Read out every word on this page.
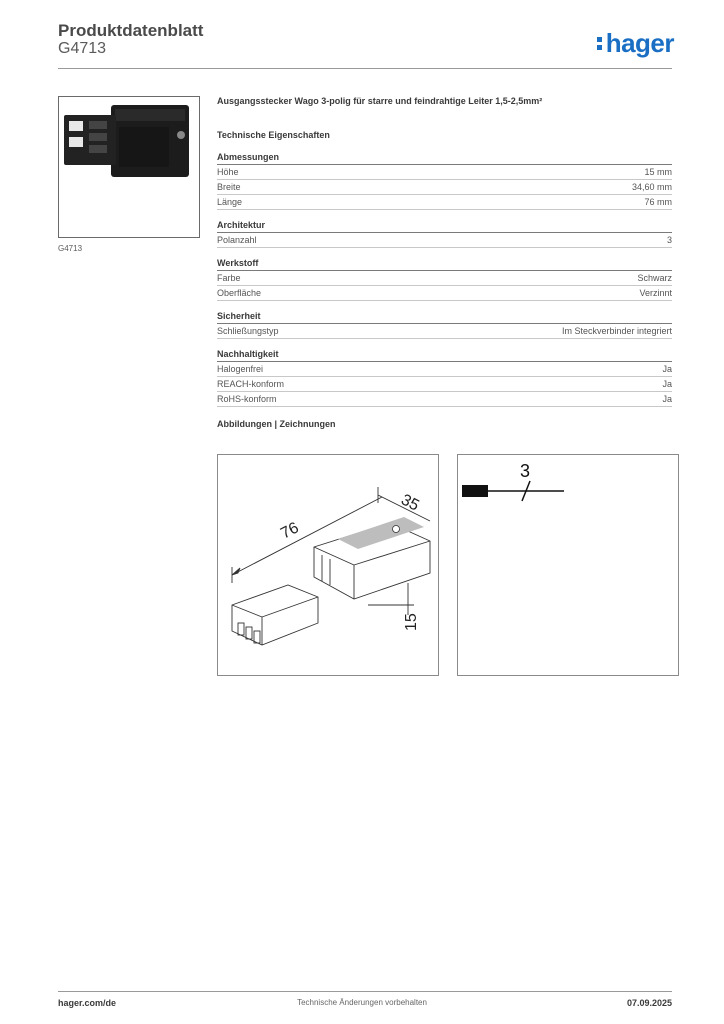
Produktdatenblatt
G4713	hager
G4713
Ausgangsstecker Wago 3-polig für starre und feindrahtige Leiter 1,5-2,5mm²
Technische Eigenschaften
Abmessungen
Höhe	15 mm
Breite	34,60 mm
Länge	76 mm
Architektur
Polanzahl	3
Werkstoff
Farbe	Schwarz
Oberfläche	Verzinnt
Sicherheit
Schließungstyp	Im Steckverbinder integriert
Nachhaltigkeit
Halogenfrei	Ja
REACH-konform	Ja
RoHS-konform	Ja
Abbildungen | Zeichnungen
76
35
15
3
hager.com/de	Technische Änderungen vorbehalten	07.09.2025
